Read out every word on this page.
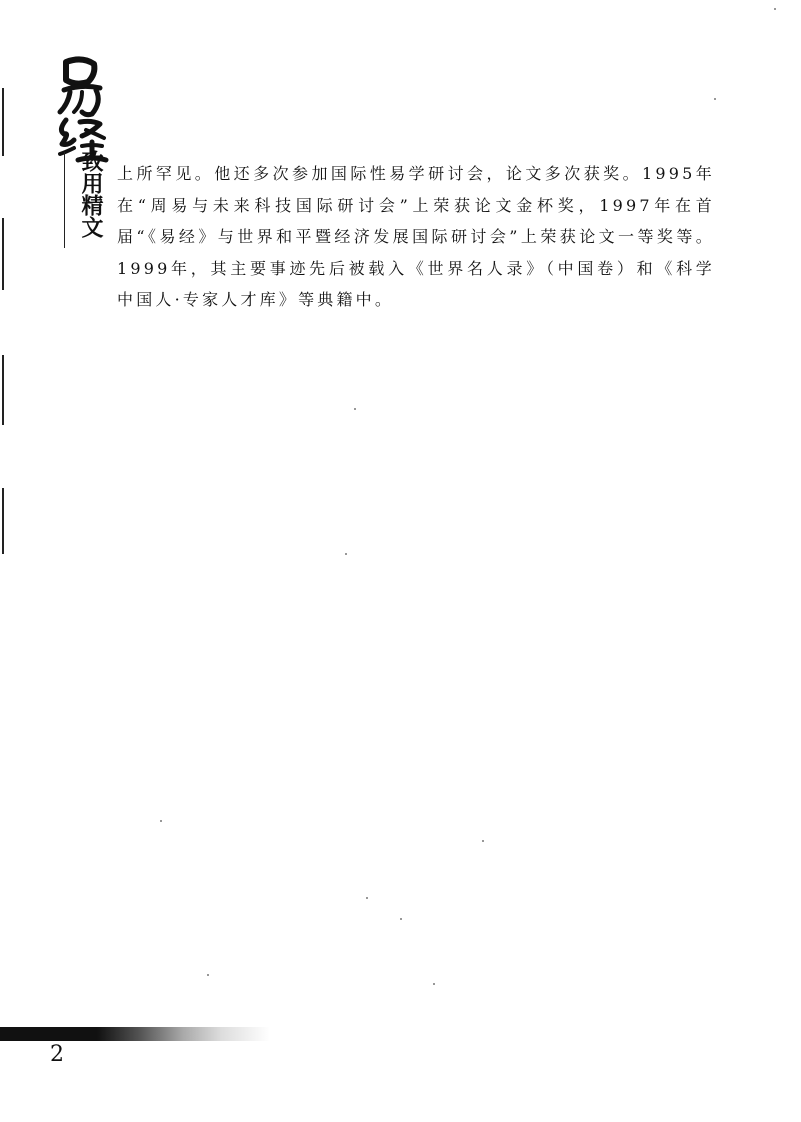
致用精文 上所罕见。他还多次参加国际性易学研讨会，论文多次获奖。1995年在“周易与未来科技国际研讨会”上荣获论文金杯奖，1997年在首届“《易经》与世界和平暨经济发展国际研讨会”上荣获论文一等奖等。1999年，其主要事迹先后被载入《世界名人录》（中国卷）和《科学中国人·专家人才库》等典籍中。

2
